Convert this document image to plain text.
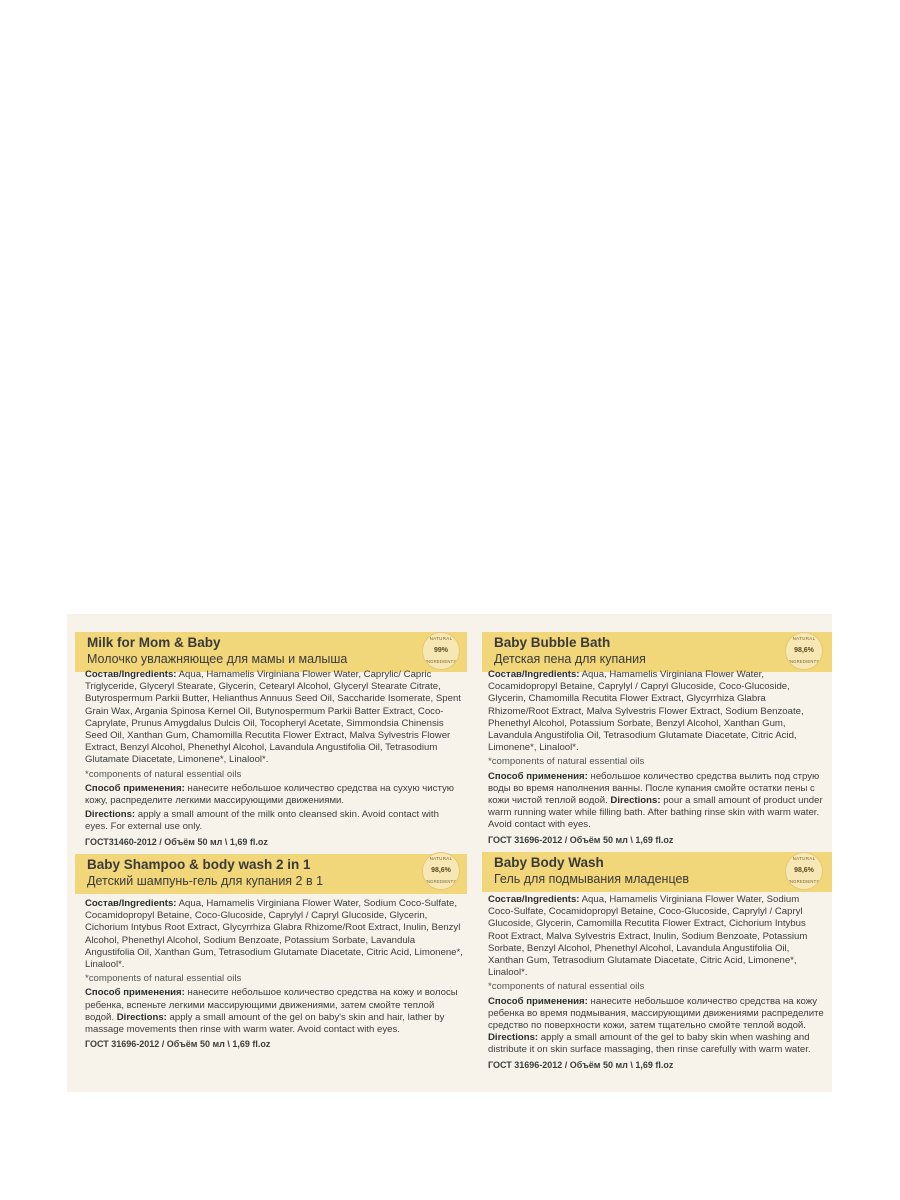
Milk for Mom & Baby
Молочко увлажняющее для мамы и малыша
NATURAL
99%
INGREDIENTS

Состав/Ingredients: Aqua, Hamamelis Virginiana Flower Water, Caprylic/ Capric Triglyceride, Glyceryl Stearate, Glycerin, Cetearyl Alcohol, Glyceryl Stearate Citrate, Butyrospermum Parkii Butter, Helianthus Annuus Seed Oil, Saccharide Isomerate, Spent Grain Wax, Argania Spinosa Kernel Oil, Butynospermum Parkii Batter Extract, Coco-Caprylate, Prunus Amygdalus Dulcis Oil, Tocopheryl Acetate, Simmondsia Chinensis Seed Oil, Xanthan Gum, Chamomilla Recutita Flower Extract, Malva Sylvestris Flower Extract, Benzyl Alcohol, Phenethyl Alcohol, Lavandula Angustifolia Oil, Tetrasodium Glutamate Diacetate, Limonene*, Linalool*.

*components of natural essential oils

Способ применения: нанесите небольшое количество средства на сухую чистую кожу, распределите легкими массирующими движениями.

Directions: apply a small amount of the milk onto cleansed skin. Avoid contact with eyes. For external use only.

ГОСТ31460-2012 / Объём 50 мл \ 1,69 fl.oz

Baby Shampoo & body wash 2 in 1
Детский шампунь-гель для купания 2 в 1
NATURAL
98,6%
INGREDIENTS

Состав/Ingredients: Aqua, Hamamelis Virginiana Flower Water, Sodium Coco-Sulfate, Cocamidopropyl Betaine, Coco-Glucoside, Caprylyl / Capryl Glucoside, Glycerin, Cichorium Intybus Root Extract, Glycyrrhiza Glabra Rhizome/Root Extract, Inulin, Benzyl Alcohol, Phenethyl Alcohol, Sodium Benzoate, Potassium Sorbate, Lavandula Angustifolia Oil, Xanthan Gum, Tetrasodium Glutamate Diacetate, Citric Acid, Limonene*, Linalool*.

*components of natural essential oils

Способ применения: нанесите небольшое количество средства на кожу и волосы ребенка, вспеньте легкими массирующими движениями, затем смойте теплой водой. Directions: apply a small amount of the gel on baby's skin and hair, lather by massage movements then rinse with warm water. Avoid contact with eyes.

ГОСТ 31696-2012 / Объём 50 мл \ 1,69 fl.oz

Baby Bubble Bath
Детская пена для купания
NATURAL
98,6%
INGREDIENTS

Состав/Ingredients: Aqua, Hamamelis Virginiana Flower Water, Cocamidopropyl Betaine, Caprylyl / Capryl Glucoside, Coco-Glucoside, Glycerin, Chamomilla Recutita Flower Extract, Glycyrrhiza Glabra Rhizome/Root Extract, Malva Sylvestris Flower Extract, Sodium Benzoate, Phenethyl Alcohol, Potassium Sorbate, Benzyl Alcohol, Xanthan Gum, Lavandula Angustifolia Oil, Tetrasodium Glutamate Diacetate, Citric Acid, Limonene*, Linalool*.

*components of natural essential oils

Способ применения: небольшое количество средства вылить под струю воды во время наполнения ванны. После купания смойте остатки пены с кожи чистой теплой водой. Directions: pour a small amount of product under warm running water while filling bath. After bathing rinse skin with warm water. Avoid contact with eyes.

ГОСТ 31696-2012 / Объём 50 мл \ 1,69 fl.oz

Baby Body Wash
Гель для подмывания младенцев
NATURAL
98,6%
INGREDIENTS

Состав/Ingredients: Aqua, Hamamelis Virginiana Flower Water, Sodium Coco-Sulfate, Cocamidopropyl Betaine, Coco-Glucoside, Caprylyl / Capryl Glucoside, Glycerin, Camomilla Recutita Flower Extract, Cichorium Intybus Root Extract, Malva Sylvestris Extract, Inulin, Sodium Benzoate, Potassium Sorbate, Benzyl Alcohol, Phenethyl Alcohol, Lavandula Angustifolia Oil, Xanthan Gum, Tetrasodium Glutamate Diacetate, Citric Acid, Limonene*, Linalool*.

*components of natural essential oils

Способ применения: нанесите небольшое количество средства на кожу ребенка во время подмывания, массирующими движениями распределите средство по поверхности кожи, затем тщательно смойте теплой водой. Directions: apply a small amount of the gel to baby skin when washing and distribute it on skin surface massaging, then rinse carefully with warm water.

ГОСТ 31696-2012 / Объём 50 мл \ 1,69 fl.oz
